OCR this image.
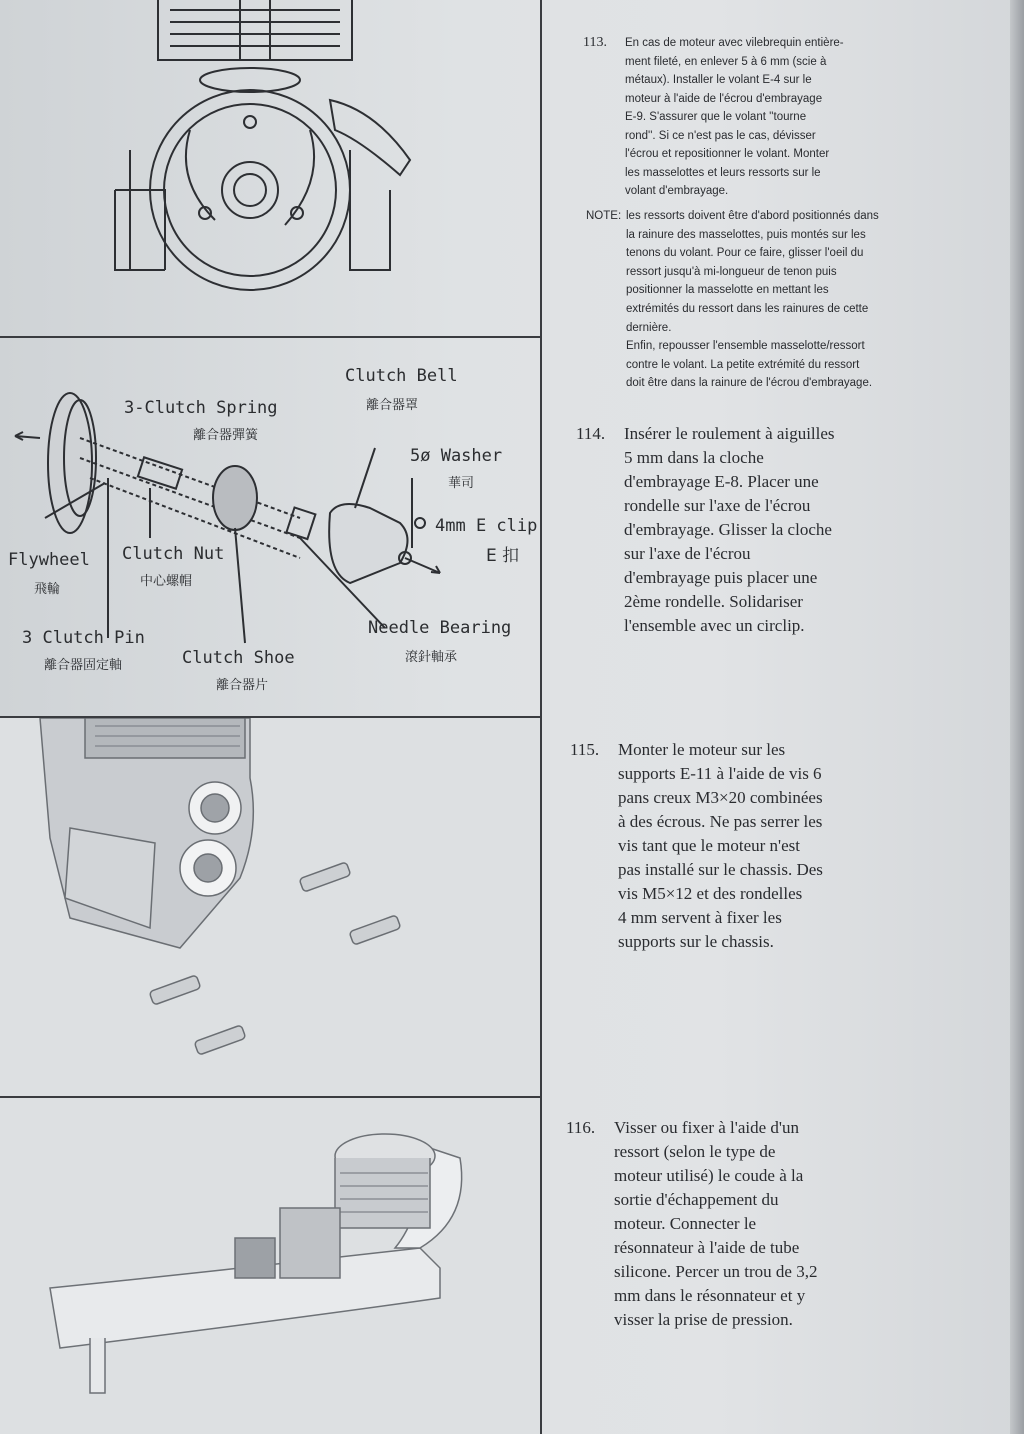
Clutch Bell
離合器罩
3-Clutch Spring
離合器彈簧
5ø Washer
華司
4mm E clip
E 扣
Flywheel
飛輪
Clutch Nut
中心螺帽
Needle Bearing
滾針軸承
3 Clutch Pin
離合器固定軸	Clutch Shoe
離合器片
113. En cas de moteur avec vilebrequin entière-
ment fileté, en enlever 5 à 6 mm (scie à
métaux). Installer le volant E-4 sur le
moteur à l'aide de l'écrou d'embrayage
E-9. S'assurer que le volant ''tourne
rond''. Si ce n'est pas le cas, dévisser
l'écrou et repositionner le volant. Monter
les masselottes et leurs ressorts sur le
volant d'embrayage.
NOTE: les ressorts doivent être d'abord positionnés dans
la rainure des masselottes, puis montés sur les
tenons du volant. Pour ce faire, glisser l'oeil du
ressort jusqu'à mi-longueur de tenon puis
positionner la masselotte en mettant les
extrémités du ressort dans les rainures de cette
dernière.
Enfin, repousser l'ensemble masselotte/ressort
contre le volant. La petite extrémité du ressort
doit être dans la rainure de l'écrou d'embrayage.
114. Insérer le roulement à aiguilles
5 mm dans la cloche
d'embrayage E-8. Placer une
rondelle sur l'axe de l'écrou
d'embrayage. Glisser la cloche
sur l'axe de l'écrou
d'embrayage puis placer une
2ème rondelle. Solidariser
l'ensemble avec un circlip.
115. Monter le moteur sur les
supports E-11 à l'aide de vis 6
pans creux M3×20 combinées
à des écrous. Ne pas serrer les
vis tant que le moteur n'est
pas installé sur le chassis. Des
vis M5×12 et des rondelles
4 mm servent à fixer les
supports sur le chassis.
116. Visser ou fixer à l'aide d'un
ressort (selon le type de
moteur utilisé) le coude à la
sortie d'échappement du
moteur. Connecter le
résonnateur à l'aide de tube
silicone. Percer un trou de 3,2
mm dans le résonnateur et y
visser la prise de pression.
